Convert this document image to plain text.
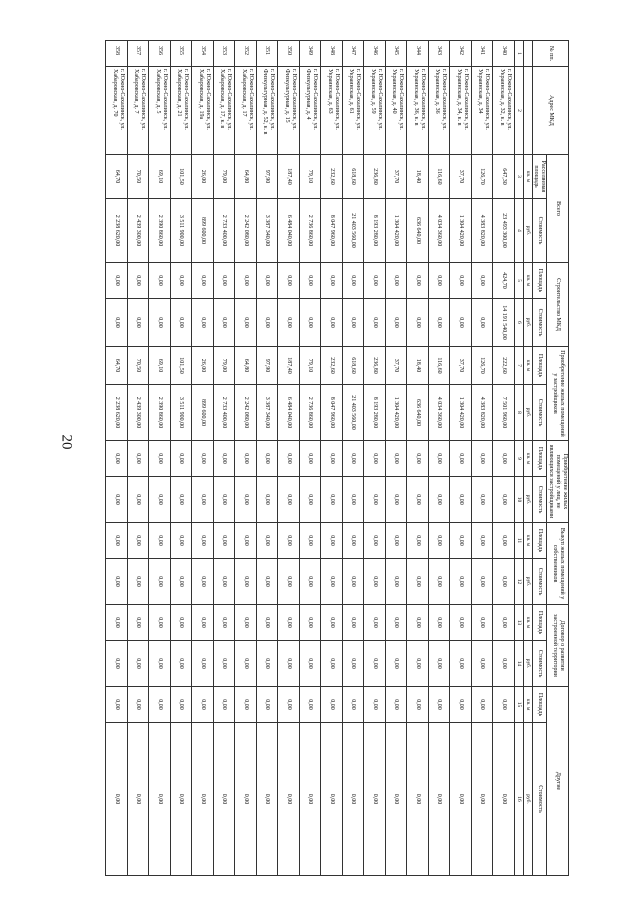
20
№ пп.	Адрес МКД	Всего		Строительство МКД		Приобретение жилых помещений у застройщиков		Приобретение жилых помещений у лиц, не являющихся застройщиками		Выкуп жилых помещений у собственников		Договор о развитии застроенной территории		Другие	
		Расселяемая площадь	Стоимость	Площадь	Стоимость	Площадь	Стоимость	Площадь	Стоимость	Площадь	Стоимость	Площадь	Стоимость	Площадь	Стоимость
		кв. м	руб.	кв. м	руб.	кв. м	руб.	кв. м	руб.	кв. м	руб.	кв. м	руб.	кв. м	руб.
1	2	3	4	5	6	7	8	9	10	11	12	13	14	15	16
340	г. Южно-Сахалинск, ул. Украинская, д. 32, к. в	647,30	23 493 300,00	424,70	14 191 540,00	222,60	7 501 960,00	0,00	0,00	0,00	0,00	0,00	0,00	0,00	0,00
341	г. Южно-Сахалинск, ул. Украинская, д. 34	126,70	4 383 820,00	0,00	0,00	126,70	4 383 820,00	0,00	0,00	0,00	0,00	0,00	0,00	0,00	0,00
342	г. Южно-Сахалинск, ул. Украинская, д. 34, к. в	37,70	1 304 420,00	0,00	0,00	37,70	1 304 420,00	0,00	0,00	0,00	0,00	0,00	0,00	0,00	0,00
343	г. Южно-Сахалинск, ул. Украинская, д. 36	116,60	4 034 360,00	0,00	0,00	116,60	4 034 360,00	0,00	0,00	0,00	0,00	0,00	0,00	0,00	0,00
344	г. Южно-Сахалинск, ул. Украинская, д. 36, к. в	18,40	636 640,00	0,00	0,00	18,40	636 640,00	0,00	0,00	0,00	0,00	0,00	0,00	0,00	0,00
345	г. Южно-Сахалинск, ул. Украинская, д. 40	37,70	1 304 420,00	0,00	0,00	37,70	1 304 420,00	0,00	0,00	0,00	0,00	0,00	0,00	0,00	0,00
346	г. Южно-Сахалинск, ул. Украинская, д. 59	236,80	8 193 280,00	0,00	0,00	236,80	8 193 280,00	0,00	0,00	0,00	0,00	0,00	0,00	0,00	0,00
347	г. Южно-Сахалинск, ул. Украинская, д. 61	618,60	21 403 560,00	0,00	0,00	618,60	21 403 560,00	0,00	0,00	0,00	0,00	0,00	0,00	0,00	0,00
348	г. Южно-Сахалинск, ул. Украинская, д. 63	232,60	8 047 960,00	0,00	0,00	232,60	8 047 960,00	0,00	0,00	0,00	0,00	0,00	0,00	0,00	0,00
349	г. Южно-Сахалинск, ул. Физкультурная, д. 4	79,10	2 736 860,00	0,00	0,00	79,10	2 736 860,00	0,00	0,00	0,00	0,00	0,00	0,00	0,00	0,00
350	г. Южно-Сахалинск, ул. Физкультурная, д. 15	187,40	6 484 040,00	0,00	0,00	187,40	6 484 040,00	0,00	0,00	0,00	0,00	0,00	0,00	0,00	0,00
351	г. Южно-Сахалинск, ул. Физкультурная, д. 52, к. в	97,90	3 387 340,00	0,00	0,00	97,90	3 387 340,00	0,00	0,00	0,00	0,00	0,00	0,00	0,00	0,00
352	г. Южно-Сахалинск, ул. Хабаровская, д. 17	64,80	2 242 080,00	0,00	0,00	64,80	2 242 080,00	0,00	0,00	0,00	0,00	0,00	0,00	0,00	0,00
353	г. Южно-Сахалинск, ул. Хабаровская, д. 17, к. в	79,00	2 733 400,00	0,00	0,00	79,00	2 733 400,00	0,00	0,00	0,00	0,00	0,00	0,00	0,00	0,00
354	г. Южно-Сахалинск, ул. Хабаровская, д. 19а	26,00	899 600,00	0,00	0,00	26,00	899 600,00	0,00	0,00	0,00	0,00	0,00	0,00	0,00	0,00
355	г. Южно-Сахалинск, ул. Хабаровская, д. 21	101,50	3 511 900,00	0,00	0,00	101,50	3 511 900,00	0,00	0,00	0,00	0,00	0,00	0,00	0,00	0,00
356	г. Южно-Сахалинск, ул. Хабаровская, д. 5	69,10	2 390 860,00	0,00	0,00	69,10	2 390 860,00	0,00	0,00	0,00	0,00	0,00	0,00	0,00	0,00
357	г. Южно-Сахалинск, ул. Хабаровская, д. 7	70,50	2 439 300,00	0,00	0,00	70,50	2 439 300,00	0,00	0,00	0,00	0,00	0,00	0,00	0,00	0,00
358	г. Южно-Сахалинск, ул. Хабаровская, д. 70	64,70	2 238 620,00	0,00	0,00	64,70	2 238 620,00	0,00	0,00	0,00	0,00	0,00	0,00	0,00	0,00
